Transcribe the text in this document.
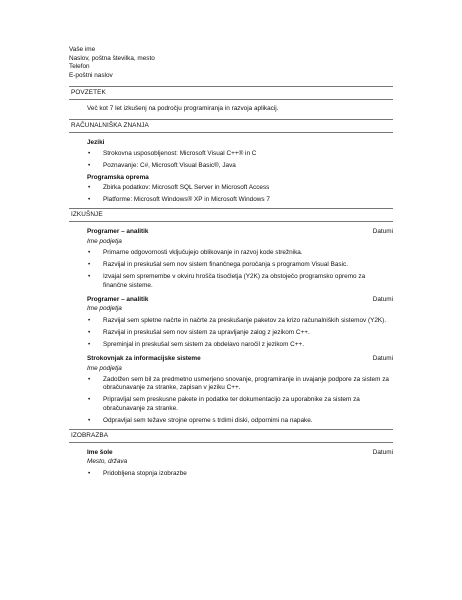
Vaše ime
Naslov, poštna številka, mesto
Telefon
E-poštni naslov
POVZETEK
Več kot 7 let izkušenj na področju programiranja in razvoja aplikacij.
RAČUNALNIŠKA ZNANJA
Jeziki
• Strokovna usposobljenost: Microsoft Visual C++® in C
• Poznavanje: C#, Microsoft Visual Basic®, Java
Programska oprema
• Zbirka podatkov: Microsoft SQL Server in Microsoft Access
• Platforme: Microsoft Windows® XP in Microsoft Windows 7
IZKUŠNJE
Programer – analitik	Datumi
Ime podjetja
• Primarne odgovornosti vključujejo oblikovanje in razvoj kode strežnika.
• Razvijal in preskušal sem nov sistem finančnega poročanja s programom Visual Basic.
• Izvajal sem spremembe v okviru hrošča tisočletja (Y2K) za obstoječo programsko opremo za finančne sisteme.
Programer – analitik	Datumi
Ime podjetja
• Razvijal sem spletne načrte in načrte za preskušanje paketov za krizo računalniških sistemov (Y2K).
• Razvijal in preskušal sem nov sistem za upravljanje zalog z jezikom C++.
• Spreminjal in preskušal sem sistem za obdelavo naročil z jezikom C++.
Strokovnjak za informacijske sisteme	Datumi
Ime podjetja
• Zadolžen sem bil za predmetno usmerjeno snovanje, programiranje in uvajanje podpore za sistem za obračunavanje za stranke, zapisan v jeziku C++.
• Pripravljal sem preskusne pakete in podatke ter dokumentacijo za uporabnike za sistem za obračunavanje za stranke.
• Odpravljal sem težave strojne opreme s trdimi diski, odpornimi na napake.
IZOBRAZBA
Ime šole	Datumi
Mesto, država
• Pridobljena stopnja izobrazbe
